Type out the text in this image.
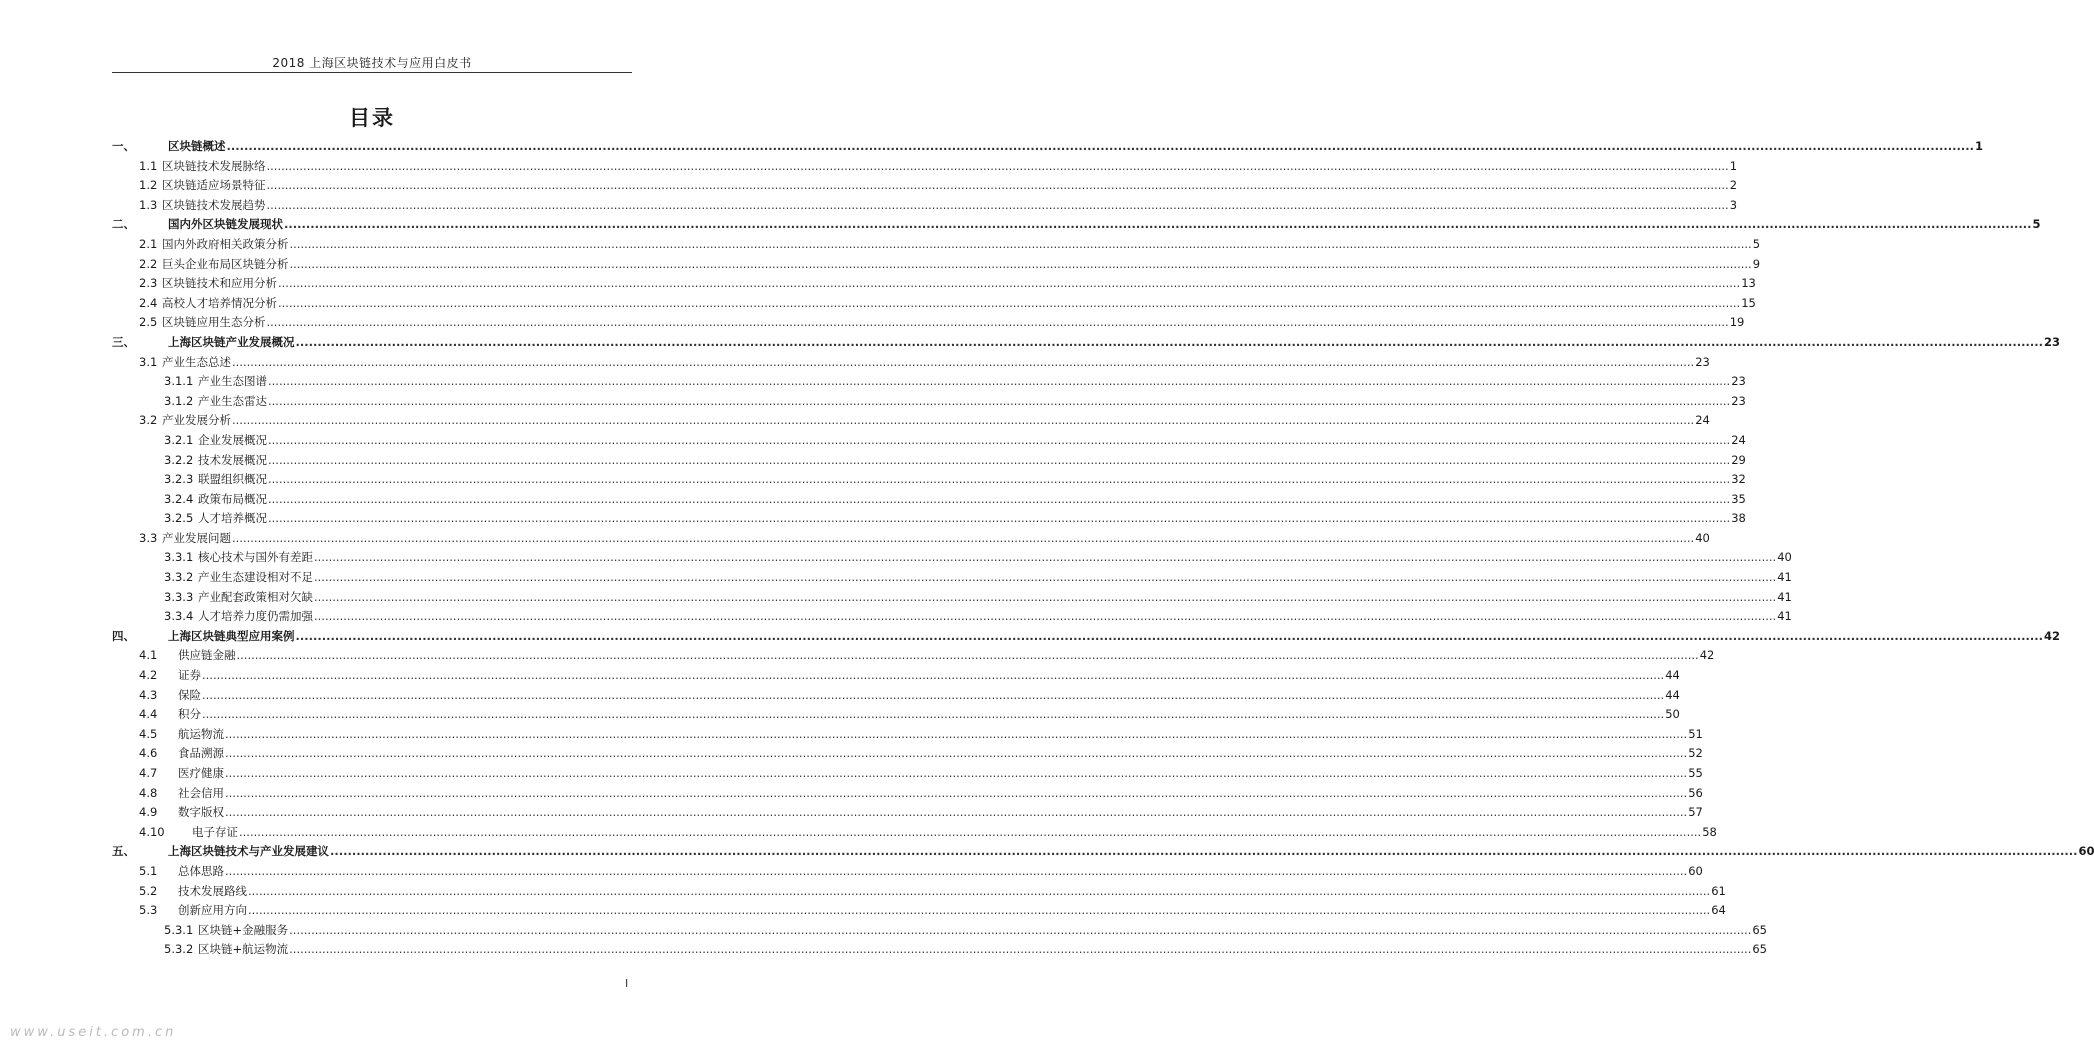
2018 上海区块链技术与应用白皮书
目录
一、	区块链概述 ................................................................................................................................................................................................................................................................................................................................................................................................................ 1
1.1 区块链技术发展脉络 ................................................................................................................................................................................................................................................................................................................................................................................................................ 1
1.2 区块链适应场景特征 ................................................................................................................................................................................................................................................................................................................................................................................................................ 2
1.3 区块链技术发展趋势 ................................................................................................................................................................................................................................................................................................................................................................................................................ 3
二、	国内外区块链发展现状 ................................................................................................................................................................................................................................................................................................................................................................................................................ 5
2.1 国内外政府相关政策分析 ................................................................................................................................................................................................................................................................................................................................................................................................................ 5
2.2 巨头企业布局区块链分析 ................................................................................................................................................................................................................................................................................................................................................................................................................ 9
2.3 区块链技术和应用分析 ................................................................................................................................................................................................................................................................................................................................................................................................................ 13
2.4 高校人才培养情况分析 ................................................................................................................................................................................................................................................................................................................................................................................................................ 15
2.5 区块链应用生态分析 ................................................................................................................................................................................................................................................................................................................................................................................................................ 19
三、	上海区块链产业发展概况 ................................................................................................................................................................................................................................................................................................................................................................................................................ 23
3.1 产业生态总述 ................................................................................................................................................................................................................................................................................................................................................................................................................ 23
3.1.1 产业生态图谱 ................................................................................................................................................................................................................................................................................................................................................................................................................ 23
3.1.2 产业生态雷达 ................................................................................................................................................................................................................................................................................................................................................................................................................ 23
3.2 产业发展分析 ................................................................................................................................................................................................................................................................................................................................................................................................................ 24
3.2.1 企业发展概况 ................................................................................................................................................................................................................................................................................................................................................................................................................ 24
3.2.2 技术发展概况 ................................................................................................................................................................................................................................................................................................................................................................................................................ 29
3.2.3 联盟组织概况 ................................................................................................................................................................................................................................................................................................................................................................................................................ 32
3.2.4 政策布局概况 ................................................................................................................................................................................................................................................................................................................................................................................................................ 35
3.2.5 人才培养概况 ................................................................................................................................................................................................................................................................................................................................................................................................................ 38
3.3 产业发展问题 ................................................................................................................................................................................................................................................................................................................................................................................................................ 40
3.3.1 核心技术与国外有差距 ................................................................................................................................................................................................................................................................................................................................................................................................................ 40
3.3.2 产业生态建设相对不足 ................................................................................................................................................................................................................................................................................................................................................................................................................ 41
3.3.3 产业配套政策相对欠缺 ................................................................................................................................................................................................................................................................................................................................................................................................................ 41
3.3.4 人才培养力度仍需加强 ................................................................................................................................................................................................................................................................................................................................................................................................................ 41
四、	上海区块链典型应用案例 ................................................................................................................................................................................................................................................................................................................................................................................................................ 42
4.1 供应链金融 ................................................................................................................................................................................................................................................................................................................................................................................................................ 42
4.2 证券 ................................................................................................................................................................................................................................................................................................................................................................................................................ 44
4.3 保险 ................................................................................................................................................................................................................................................................................................................................................................................................................ 44
4.4 积分 ................................................................................................................................................................................................................................................................................................................................................................................................................ 50
4.5 航运物流 ................................................................................................................................................................................................................................................................................................................................................................................................................ 51
4.6 食品溯源 ................................................................................................................................................................................................................................................................................................................................................................................................................ 52
4.7 医疗健康 ................................................................................................................................................................................................................................................................................................................................................................................................................ 55
4.8 社会信用 ................................................................................................................................................................................................................................................................................................................................................................................................................ 56
4.9 数字版权 ................................................................................................................................................................................................................................................................................................................................................................................................................ 57
4.10 电子存证 ................................................................................................................................................................................................................................................................................................................................................................................................................ 58
五、	上海区块链技术与产业发展建议 ................................................................................................................................................................................................................................................................................................................................................................................................................ 60
5.1 总体思路 ................................................................................................................................................................................................................................................................................................................................................................................................................ 60
5.2 技术发展路线 ................................................................................................................................................................................................................................................................................................................................................................................................................ 61
5.3 创新应用方向 ................................................................................................................................................................................................................................................................................................................................................................................................................ 64
5.3.1 区块链+金融服务 ................................................................................................................................................................................................................................................................................................................................................................................................................ 65
5.3.2 区块链+航运物流 ................................................................................................................................................................................................................................................................................................................................................................................................................ 65
I
www.useit.com.cn
